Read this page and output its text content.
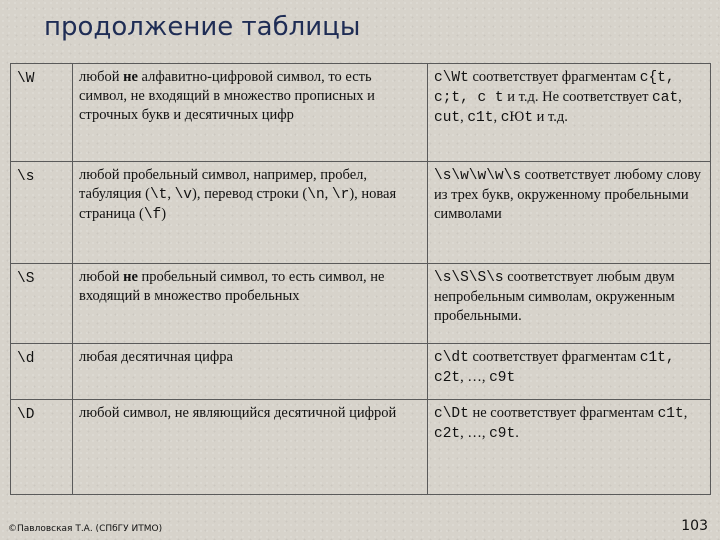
продолжение таблицы
\W	любой не алфавитно-цифровой символ, то есть символ, не входящий в множество прописных и строчных букв и десятичных цифр	c\Wt соответствует фрагментам c{t, c;t, c t и т.д. Не соответствует cat, cut, c1t, cЮt и т.д.
\s	любой пробельный символ, например, пробел, табуляция (\t, \v), перевод строки (\n, \r), новая страница (\f)	\s\w\w\w\s соответствует любому слову из трех букв, окруженному пробельными символами
\S	любой не пробельный символ, то есть символ, не входящий в множество пробельных	\s\S\S\s соответствует любым двум непробельным символам, окруженным пробельными.
\d	любая десятичная цифра	c\dt соответствует фрагментам c1t, c2t, …, c9t
\D	любой символ, не являющийся десятичной цифрой	c\Dt не соответствует фрагментам c1t, c2t, …, c9t.
©Павловская Т.А. (СПбГУ ИТМО)	103
